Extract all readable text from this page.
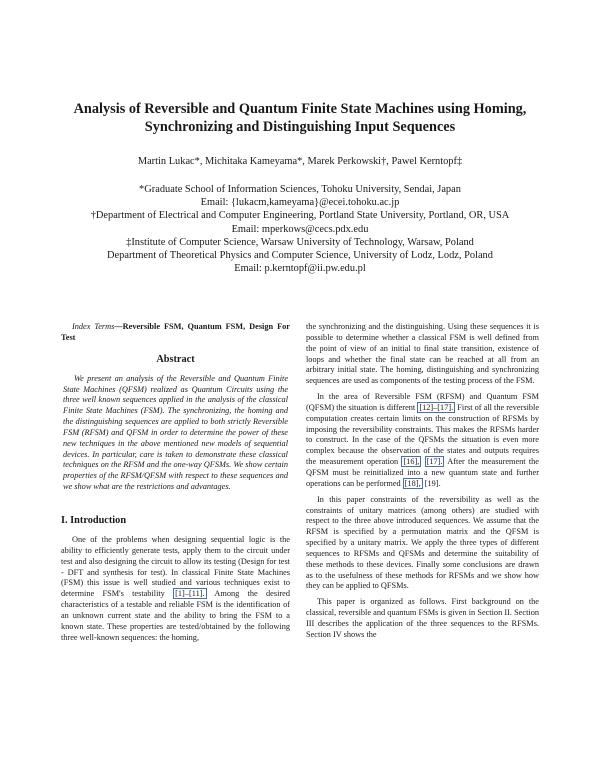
Analysis of Reversible and Quantum Finite State Machines using Homing,
Synchronizing and Distinguishing Input Sequences
Martin Lukac*, Michitaka Kameyama*, Marek Perkowski†, Pawel Kerntopf‡
*Graduate School of Information Sciences, Tohoku University, Sendai, Japan
Email: {lukacm,kameyama}@ecei.tohoku.ac.jp
†Department of Electrical and Computer Engineering, Portland State University, Portland, OR, USA
Email: mperkows@cecs.pdx.edu
‡Institute of Computer Science, Warsaw University of Technology, Warsaw, Poland
Department of Theoretical Physics and Computer Science, University of Lodz, Lodz, Poland
Email: p.kerntopf@ii.pw.edu.pl

Index Terms—Reversible FSM, Quantum FSM, Design For Test

Abstract

We present an analysis of the Reversible and Quantum Finite State Machines (QFSM) realized as Quantum Circuits using the three well known sequences applied in the analysis of the classical Finite State Machines (FSM). The synchronizing, the homing and the distinguishing sequences are applied to both strictly Reversible FSM (RFSM) and QFSM in order to determine the power of these new techniques in the above mentioned new models of sequential devices. In particular, care is taken to demonstrate these classical techniques on the RFSM and the one-way QFSMs. We show certain properties of the RFSM/QFSM with respect to these sequences and we show what are the restrictions and advantages.

I. Introduction

One of the problems when designing sequential logic is the ability to efficiently generate tests, apply them to the circuit under test and also designing the circuit to allow its testing (Design for test - DFT and synthesis for test). In classical Finite State Machines (FSM) this issue is well studied and various techniques exist to determine FSM's testability [1]–[11]. Among the desired characteristics of a testable and reliable FSM is the identification of an unknown current state and the ability to bring the FSM to a known state. These properties are tested/obtained by the following three well-known sequences: the homing,

the synchronizing and the distinguishing. Using these sequences it is possible to determine whether a classical FSM is well defined from the point of view of an initial to final state transition, existence of loops and whether the final state can be reached at all from an arbitrary initial state. The homing, distinguishing and synchronizing sequences are used as components of the testing process of the FSM.

In the area of Reversible FSM (RFSM) and Quantum FSM (QFSM) the situation is different [12]–[17]. First of all the reversible computation creates certain limits on the construction of RFSMs by imposing the reversibility constraints. This makes the RFSMs harder to construct. In the case of the QFSMs the situation is even more complex because the observation of the states and outputs requires the measurement operation [16], [17]. After the measurement the QFSM must be reinitialized into a new quantum state and further operations can be performed [18], [19].

In this paper constraints of the reversibility as well as the constraints of unitary matrices (among others) are studied with respect to the three above introduced sequences. We assume that the RFSM is specified by a permutation matrix and the QFSM is specified by a unitary matrix. We apply the three types of different sequences to RFSMs and QFSMs and determine the suitability of these methods to these devices. Finally some conclusions are drawn as to the usefulness of these methods for RFSMs and we show how they can be applied to QFSMs.

This paper is organized as follows. First background on the classical, reversible and quantum FSMs is given in Section II. Section III describes the application of the three sequences to the RFSMs. Section IV shows the
